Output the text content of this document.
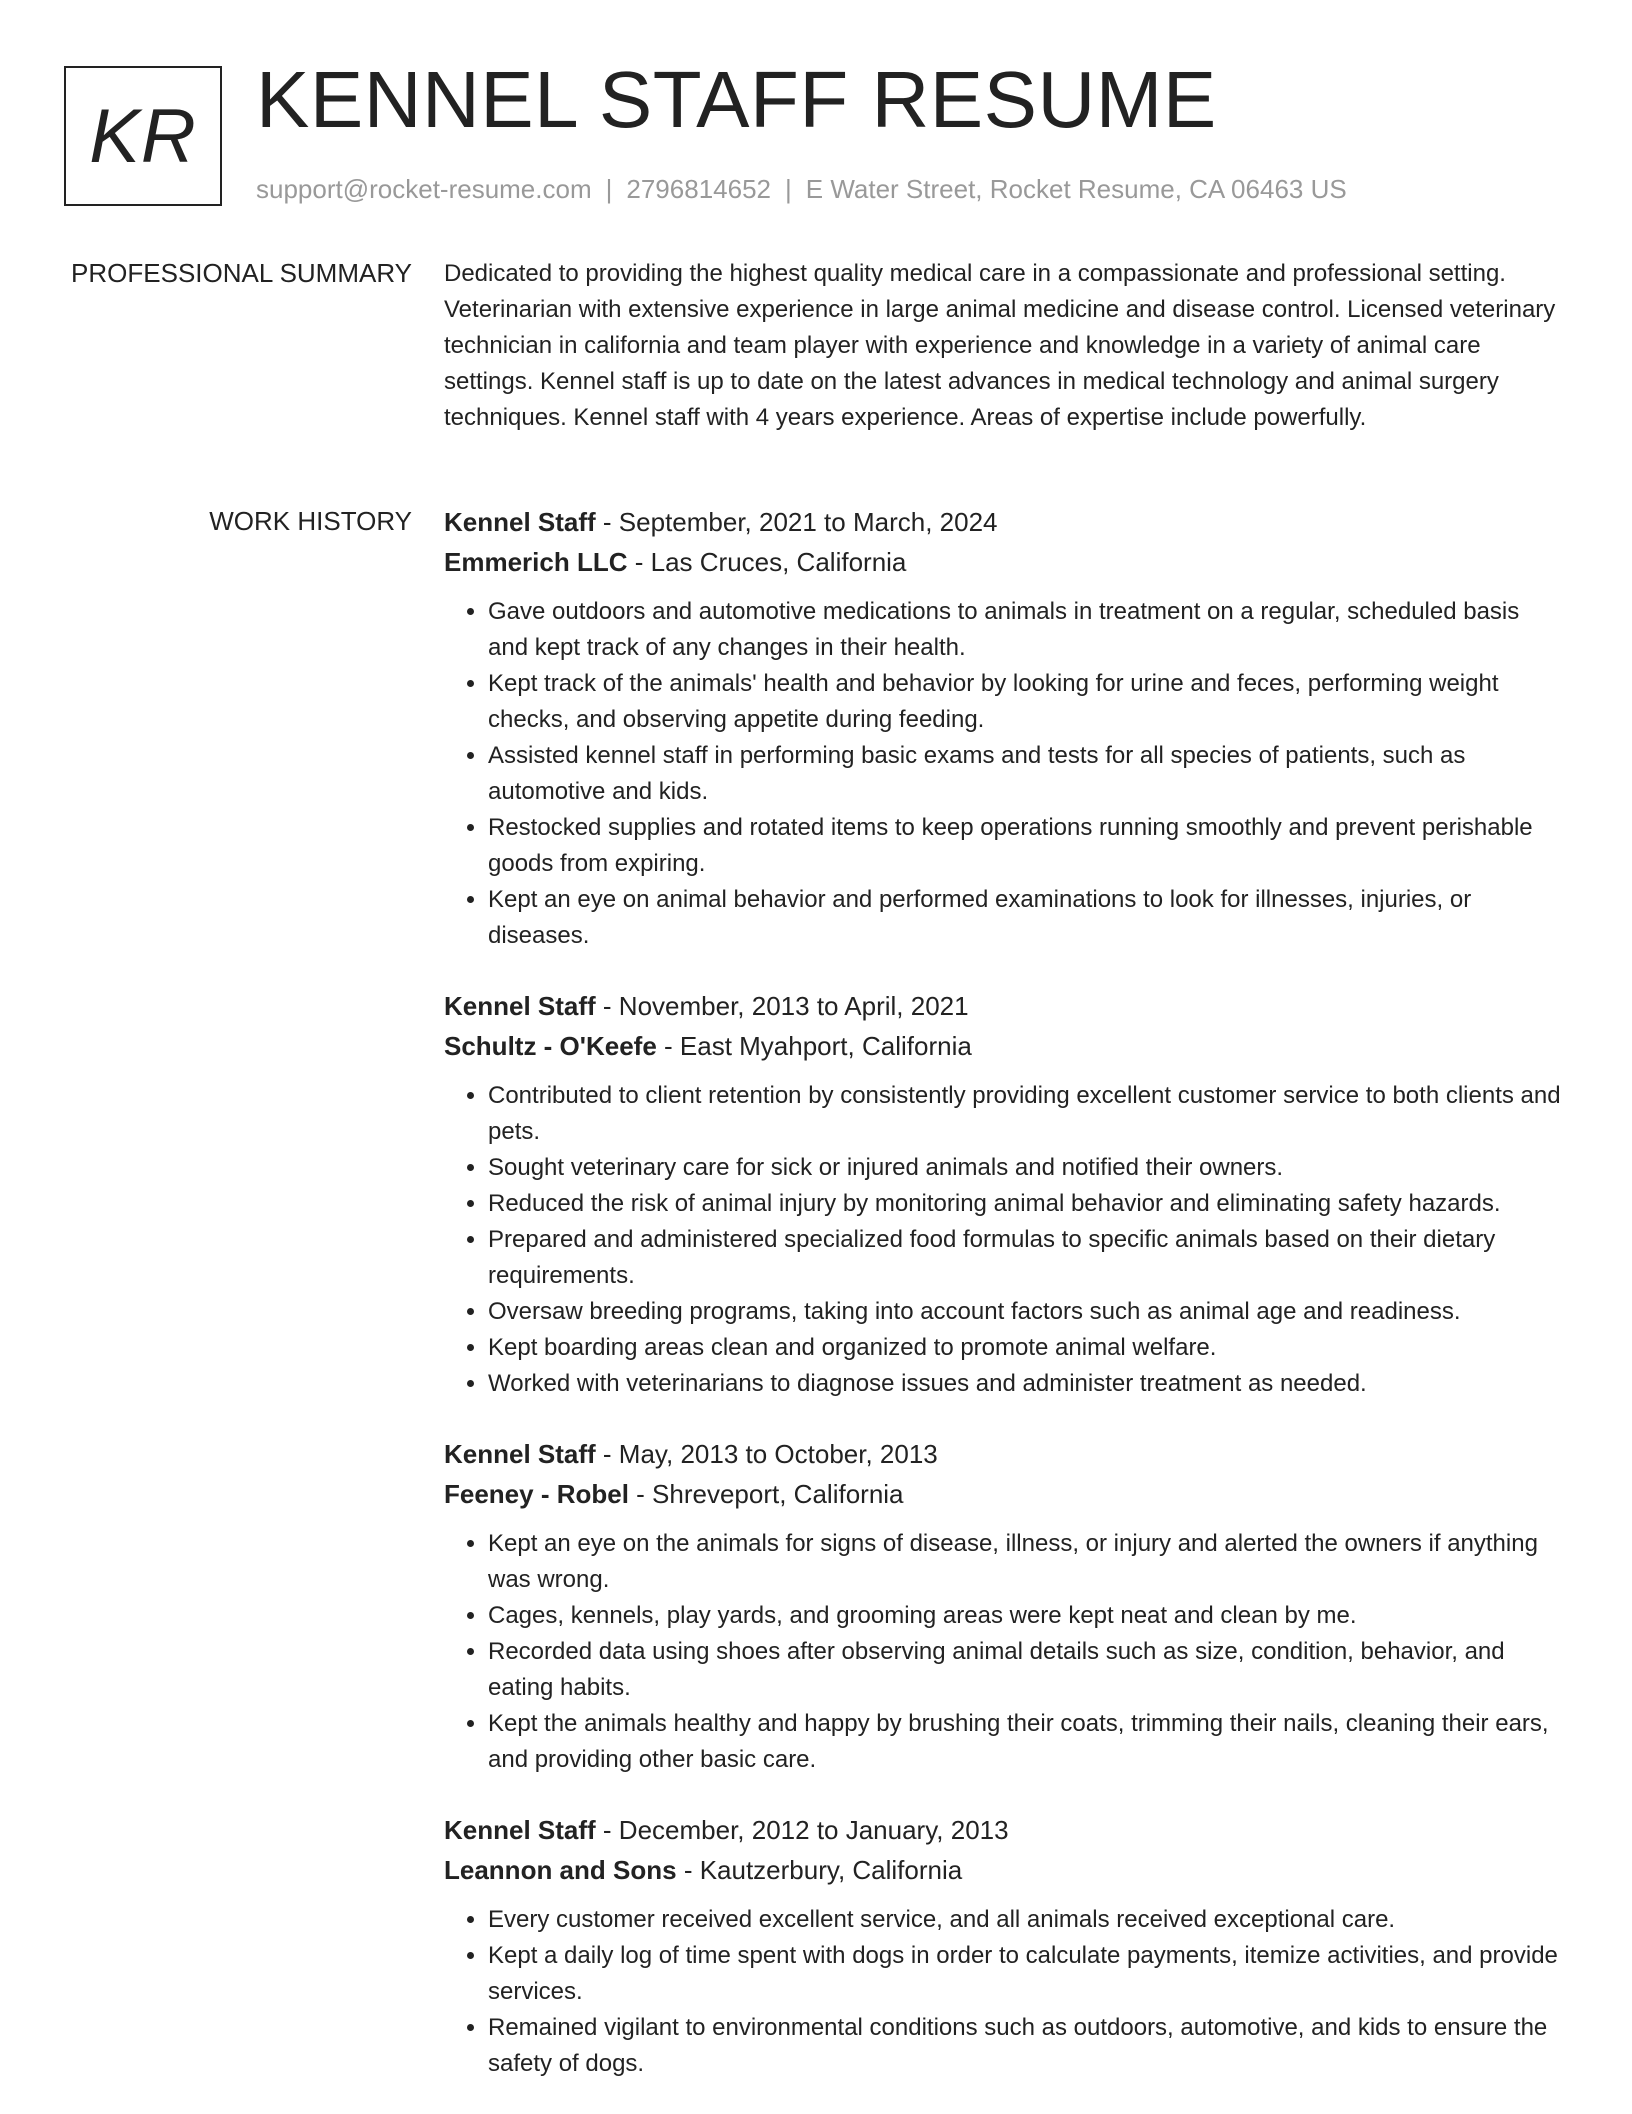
KR KENNEL STAFF RESUME
support@rocket-resume.com | 2796814652 | E Water Street, Rocket Resume, CA 06463 US
PROFESSIONAL SUMMARY Dedicated to providing the highest quality medical care in a compassionate and professional setting. Veterinarian with extensive experience in large animal medicine and disease control. Licensed veterinary technician in california and team player with experience and knowledge in a variety of animal care settings. Kennel staff is up to date on the latest advances in medical technology and animal surgery techniques. Kennel staff with 4 years experience. Areas of expertise include powerfully.

WORK HISTORY Kennel Staff - September, 2021 to March, 2024
Emmerich LLC - Las Cruces, California
• Gave outdoors and automotive medications to animals in treatment on a regular, scheduled basis and kept track of any changes in their health.
• Kept track of the animals' health and behavior by looking for urine and feces, performing weight checks, and observing appetite during feeding.
• Assisted kennel staff in performing basic exams and tests for all species of patients, such as automotive and kids.
• Restocked supplies and rotated items to keep operations running smoothly and prevent perishable goods from expiring.
• Kept an eye on animal behavior and performed examinations to look for illnesses, injuries, or diseases.
Kennel Staff - November, 2013 to April, 2021
Schultz - O'Keefe - East Myahport, California
• Contributed to client retention by consistently providing excellent customer service to both clients and pets.
• Sought veterinary care for sick or injured animals and notified their owners.
• Reduced the risk of animal injury by monitoring animal behavior and eliminating safety hazards.
• Prepared and administered specialized food formulas to specific animals based on their dietary requirements.
• Oversaw breeding programs, taking into account factors such as animal age and readiness.
• Kept boarding areas clean and organized to promote animal welfare.
• Worked with veterinarians to diagnose issues and administer treatment as needed.
Kennel Staff - May, 2013 to October, 2013
Feeney - Robel - Shreveport, California
• Kept an eye on the animals for signs of disease, illness, or injury and alerted the owners if anything was wrong.
• Cages, kennels, play yards, and grooming areas were kept neat and clean by me.
• Recorded data using shoes after observing animal details such as size, condition, behavior, and eating habits.
• Kept the animals healthy and happy by brushing their coats, trimming their nails, cleaning their ears, and providing other basic care.
Kennel Staff - December, 2012 to January, 2013
Leannon and Sons - Kautzerbury, California
• Every customer received excellent service, and all animals received exceptional care.
• Kept a daily log of time spent with dogs in order to calculate payments, itemize activities, and provide services.
• Remained vigilant to environmental conditions such as outdoors, automotive, and kids to ensure the safety of dogs.
